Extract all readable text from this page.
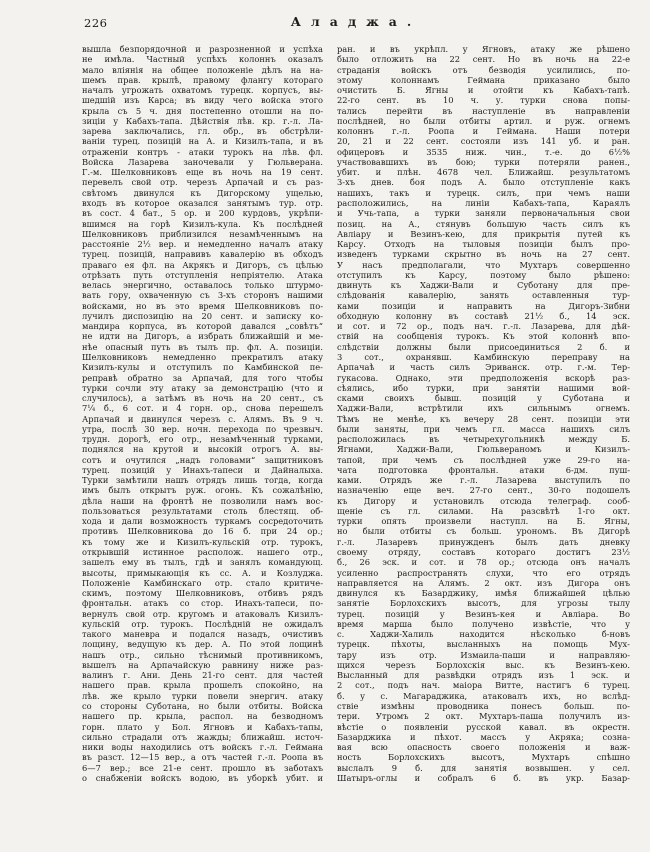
226	Аладжа.
вышла безпорядочной и разрозненной и успѣха
не имѣла. Частный успѣхъ колоннъ оказалъ
мало вліянія на общее положеніе дѣлъ на на-
шемъ прав. крылѣ, правому флангу котораго
началъ угрожать охватомъ турецк. корпусъ, вы-
шедшій изъ Карса; въ виду чего войска этого
крыла съ 5 ч. дня постепенно отошли на по-
зиціи у Кабахъ-тапа. Дѣйствія лѣв. кр. г.-л. Ла-
зарева заключались, гл. обр., въ обстрѣли-
ваніи турец. позицій на А. и Кизилъ-тапа, и въ
отраженіи контръ - атаки турокъ на лѣв. фл.
Войска Лазарева заночевали у Гюльверана.
Г.-м. Шелковниковъ еще въ ночь на 19 сент.
перевелъ свой отр. черезъ Арпачай и съ раз-
свѣтомъ двинулся къ Дигорскому ущелью,
входъ въ которое оказался занятымъ тур. отр.
въ сост. 4 бат., 5 ор. и 200 курдовъ, укрѣпи-
вшимся на горѣ Кизилъ-кула. Къ послѣдней
Шелковниковъ приблизился незамѣченнымъ на
расстояніе 2½ вер. и немедленно началъ атаку
турец. позицій, направивъ кавалерію въ обходъ
праваго ея фл. на Акрякъ и Дигоръ, съ цѣлью
отрѣзать путь отступленія непріятелю. Атака
велась энергично, оставалось только штурмо-
вать гору, охваченную съ 3-хъ сторонъ нашими
войсками, но въ это время Шелковниковъ по-
лучилъ диспозицію на 20 сент. и записку ко-
мандира корпуса, въ которой давался „совѣтъ“
не идти на Дигоръ, а избрать ближайшій и ме-
нѣе опасный путь въ тылъ пр. фл. А. позиціи.
Шелковниковъ немедленно прекратилъ атаку
Кизилъ-кулы и отступилъ по Камбинской пе-
реправѣ обратно за Арпачай, для того чтобы
турки сочли эту атаку за демонстрацію (что и
случилось), а затѣмъ въ ночь на 20 сент., съ
7¼ б., 6 сот. и 4 горн. ор., снова перешелъ
Арпачай и двинулся черезъ с. Алямъ. Въ 9 ч.
утра, послѣ 30 вер. ночн. перехода по чрезвыч.
трудн. дорогѣ, его отр., незамѣченный турками,
поднялся на крутой и высокій отрогъ А. вы-
сотъ и очутился „надъ головами“ защитниковъ
турец. позицій у Инахъ-тапеси и Дайналыха.
Турки замѣтили нашъ отрядъ лишь тогда, когда
имъ былъ открытъ руж. огонь. Къ сожалѣнію,
дѣла наши на фронтѣ не позволили намъ вос-
пользоваться результатами столь блестящ. об-
хода и дали возможность туркамъ сосредоточить
противъ Шелковникова до 16 б. при 24 ор.;
къ тому же и Кизилъ-кульскій отр. турокъ,
открывшій истинное располож. нашего отр.,
зашелъ ему въ тылъ, гдѣ и занялъ командующ.
высоты, примыкающія къ сс. А. и Козлуджа.
Положеніе Камбинскаго отр. стало критиче-
скимъ, поэтому Шелковниковъ, отбивъ рядъ
фронтальн. атакъ со стор. Инахъ-тапеси, по-
вернулъ свой отр. кругомъ и атаковалъ Кизилъ-
кульскій отр. турокъ. Послѣдній не ожидалъ
такого маневра и подался назадъ, очистивъ
лощину, ведущую къ дер. А. По этой лощинѣ
нашъ отр., сильно тѣснимый противникомъ,
вышелъ на Арпачайскую равнину ниже раз-
валинъ г. Ани. День 21-го сент. для частей
нашего прав. крыла прошелъ спокойно, на
лѣв. же крыло турки повели энергич. атаку
со стороны Суботана, но были отбиты. Войска
нашего пр. крыла, распол. на безводномъ
горн. плато у Бол. Ягновъ и Кабахъ-тапы,
сильно страдали отъ жажды; ближайш. источ-
ники воды находились отъ войскъ г.-л. Геймана
въ разст. 12—15 вер., а отъ частей г.-л. Роопа въ
6—7 вер.; все 21-е сент. прошло въ заботахъ
о снабженіи войскъ водою, въ уборкѣ убит. и
ран. и въ укрѣпл. у Ягновъ, атаку же рѣшено
было отложить на 22 сент. Но въ ночь на 22-е
страданія войскъ отъ безводія усилились, по-
этому колоннамъ Геймана приказано было
очистить Б. Ягны и отойти къ Кабахъ-тапѣ.
22-го сент. въ 10 ч. у. турки снова попы-
тались перейти въ наступленіе въ направленіи
послѣдней, но были отбиты артил. и руж. огнемъ
колоннъ г.-л. Роопа и Геймана. Наши потери
20, 21 и 22 сент. состояли изъ 141 уб. и ран.
офицеровъ и 3535 ниж. чин., т.-е. до 6½%
участвовавшихъ въ бою; турки потеряли ранен.,
убит. и плѣн. 4678 чел. Ближайш. результатомъ
3-хъ днев. боя подъ А. было отступленіе какъ
нашихъ, такъ и турецк. силъ, при чемъ наши
расположились, на линіи Кабахъ-тапа, Караялъ
и Учь-тапа, а турки заняли первоначальныя свои
позиц. на А., стянувъ большую часть силъ къ
Авліару и Везинъ-кею, для прикрытія путей къ
Карсу. Отходъ на тыловыя позиціи былъ про-
изведенъ турками скрытно въ ночь на 27 сент.
У насъ предполагали, что Мухтаръ совершенно
отступилъ къ Карсу, поэтому было рѣшено:
двинуть къ Хаджи-Вали и Суботану для пре-
слѣдованія кавалерію, занять оставленныя тур-
ками позиціи и направить на Дигоръ-Зибни
обходную колонну въ составѣ 21½ б., 14 эск.
и сот. и 72 ор., подъ нач. г.-л. Лазарева, для дѣй-
ствій на сообщенія турокъ. Къ этой колоннѣ впо-
слѣдствіи должны были присоединиться 2 б. и
3 сот., охранявш. Камбинскую переправу на
Арпачаѣ и часть силъ Эриванск. отр. г.-м. Тер-
гукасова. Однако, эти предположенія вскорѣ раз-
сѣялись, ибо турки, при занятіи нашими вой-
сками своихъ бывш. позицій у Суботана и
Хаджи-Вали, встрѣтили ихъ сильнымъ огнемъ.
Тѣмъ не менѣе, къ вечеру 28 сент. позиціи эти
были заняты, при чемъ гл. масса нашихъ силъ
расположилась въ четырехугольникѣ между Б.
Ягнами, Хаджи-Вали, Гюльвераномъ и Кизилъ-
тапой, при чемъ съ послѣдней уже 29-го на-
чата подготовка фронтальн. атаки 6-дм. пуш-
ками. Отрядъ же г.-л. Лазарева выступилъ по
назначенію еще веч. 27-го сент., 30-го подошелъ
къ Дигору и установилъ отсюда телеграф. сооб-
щеніе съ гл. силами. На разсвѣтѣ 1-го окт.
турки опять произвели наступл. на Б. Ягны,
но были отбиты съ больш. урономъ. Въ Дигорѣ
г.-л. Лазаревъ принужденъ былъ дать дневку
своему отряду, составъ котораго достигъ 23½
б., 26 эск. и сот. и 78 ор.; отсюда онъ началъ
усиленно распространять слухи, что его отрядъ
направляется на Алямъ. 2 окт. изъ Дигора онъ
двинулся къ Базарджику, имѣя ближайшей цѣлью
занятіе Борлохскихъ высотъ, для угрозы тылу
турец. позицій у Везинъ-кея и Авліара. Во
время марша было получено извѣстіе, что у
с. Хаджи-Халиль находится нѣсколько б-новъ
турецк. пѣхоты, высланныхъ на помощь Мух-
тару изъ отр. Измаила-паши и направляю-
щихся черезъ Борлохскія выс. къ Везинъ-кею.
Высланный для развѣдки отрядъ изъ 1 эск. и
2 сот., подъ нач. маіора Витте, настигъ 6 турец.
б. у с. Магараджика, атаковалъ ихъ, но вслѣд-
ствіе измѣны проводника понесъ больш. по-
тери. Утромъ 2 окт. Мухтаръ-паша получилъ из-
вѣстіе о появленіи русской кавал. въ окрестн.
Базарджика и пѣхот. массъ у Акряка; созна-
вая всю опасность своего положенія и важ-
ность Борлохскихъ высотъ, Мухтаръ спѣшно
выслалъ 9 б. для занятія возвышен. у сел.
Шатыръ-оглы и собралъ 6 б. въ укр. Базар-
